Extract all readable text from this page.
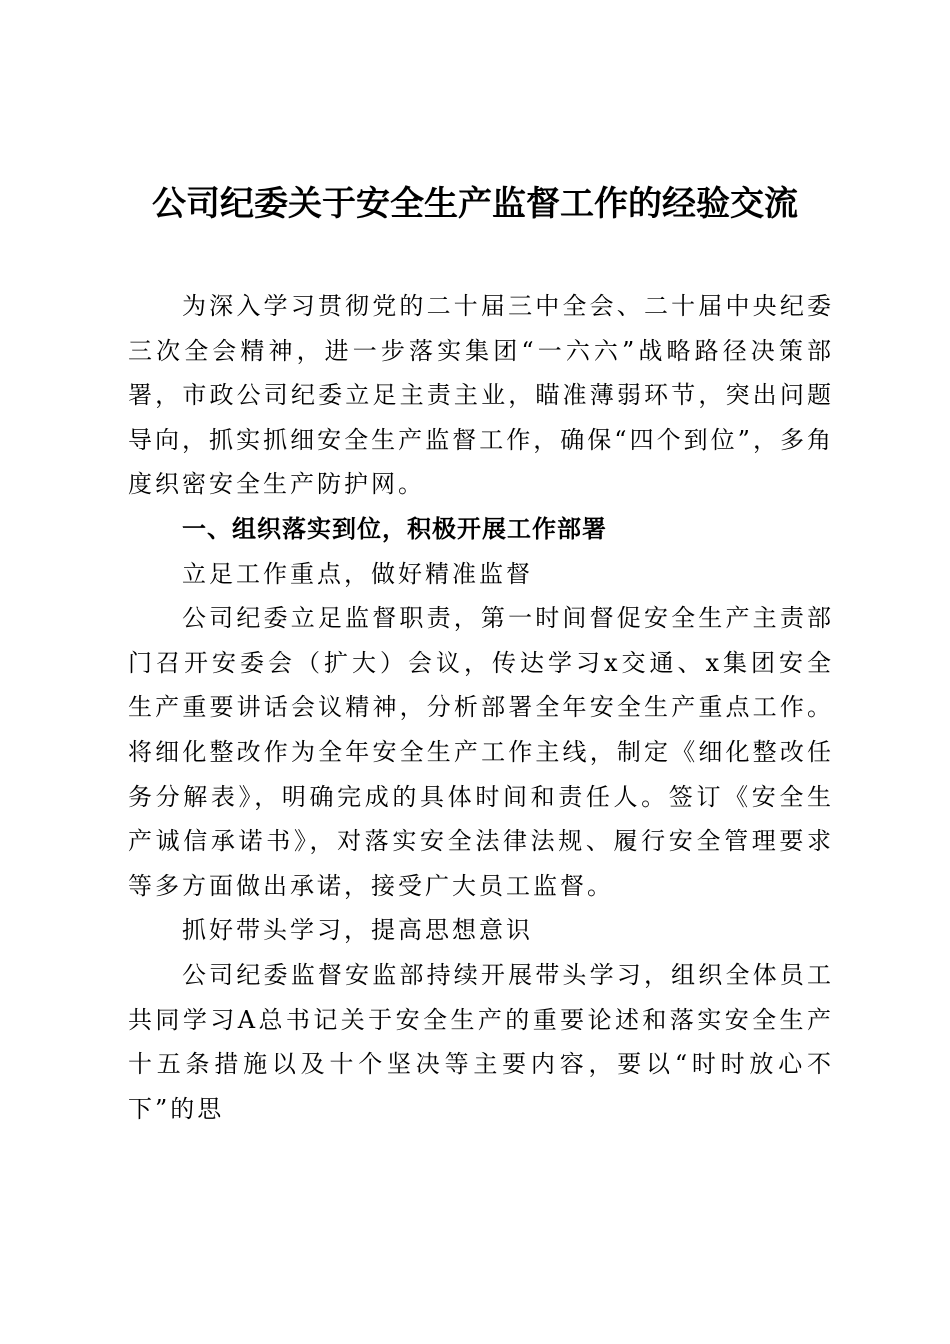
公司纪委关于安全生产监督工作的经验交流

为深入学习贯彻党的二十届三中全会、二十届中央纪委三次全会精神，进一步落实集团“一六六”战略路径决策部署，市政公司纪委立足主责主业，瞄准薄弱环节，突出问题导向，抓实抓细安全生产监督工作，确保“四个到位”，多角度织密安全生产防护网。

一、组织落实到位，积极开展工作部署

立足工作重点，做好精准监督

公司纪委立足监督职责，第一时间督促安全生产主责部门召开安委会（扩大）会议，传达学习x交通、x集团安全生产重要讲话会议精神，分析部署全年安全生产重点工作。将细化整改作为全年安全生产工作主线，制定《细化整改任务分解表》，明确完成的具体时间和责任人。签订《安全生产诚信承诺书》，对落实安全法律法规、履行安全管理要求等多方面做出承诺，接受广大员工监督。

抓好带头学习，提高思想意识

公司纪委监督安监部持续开展带头学习，组织全体员工共同学习A总书记关于安全生产的重要论述和落实安全生产十五条措施以及十个坚决等主要内容，要以“时时放心不下”的思
